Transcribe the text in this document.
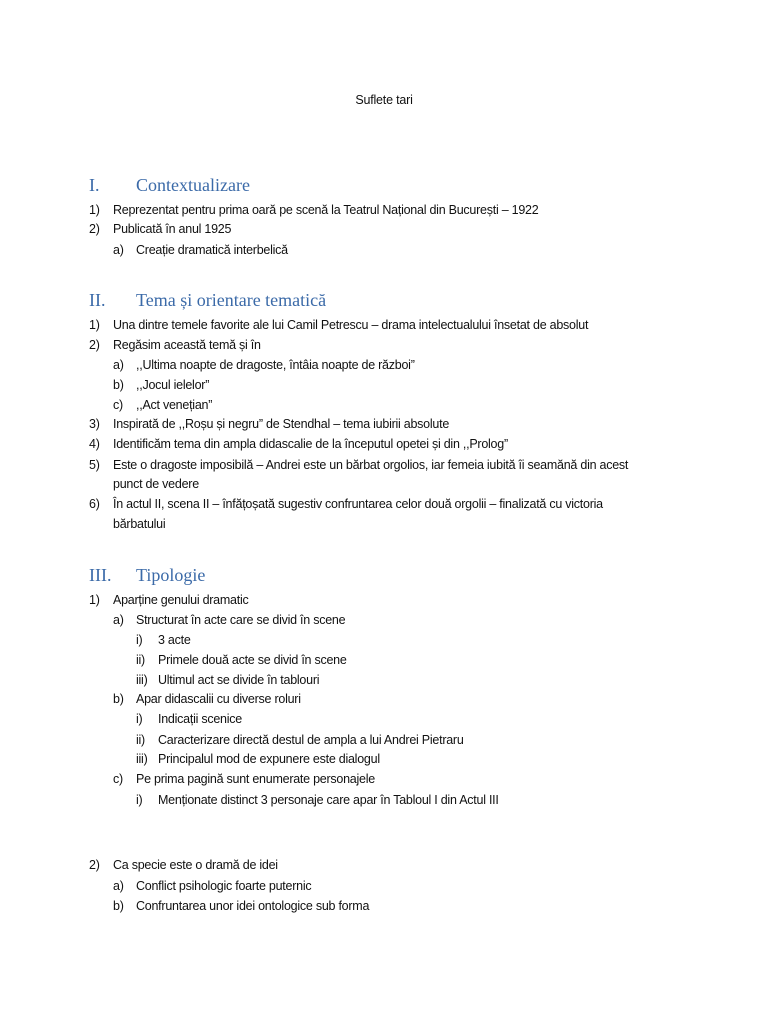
Suflete tari
I. Contextualizare
1) Reprezentat pentru prima oară pe scenă la Teatrul Național din București – 1922
2) Publicată în anul 1925
a) Creație dramatică interbelică
II. Tema și orientare tematică
1) Una dintre temele favorite ale lui Camil Petrescu – drama intelectualului însetat de absolut
2) Regăsim această temă și în
a) ,,Ultima noapte de dragoste, întâia noapte de război”
b) ,,Jocul ielelor”
c) ,,Act venețian”
3) Inspirată de ,,Roșu și negru” de Stendhal – tema iubirii absolute
4) Identificăm tema din ampla didascalie de la începutul opetei și din ,,Prolog”
5) Este o dragoste imposibilă – Andrei este un bărbat orgolios, iar femeia iubită îi seamănă din acest
punct de vedere
6) În actul II, scena II – înfățoșată sugestiv confruntarea celor două orgolii – finalizată cu victoria
bărbatului
III. Tipologie
1) Aparține genului dramatic
a) Structurat în acte care se divid în scene
i) 3 acte
ii) Primele două acte se divid în scene
iii) Ultimul act se divide în tablouri
b) Apar didascalii cu diverse roluri
i) Indicații scenice
ii) Caracterizare directă destul de ampla a lui Andrei Pietraru
iii) Principalul mod de expunere este dialogul
c) Pe prima pagină sunt enumerate personajele
i) Menționate distinct 3 personaje care apar în Tabloul I din Actul III
2) Ca specie este o dramă de idei
a) Conflict psihologic foarte puternic
b) Confruntarea unor idei ontologice sub forma
